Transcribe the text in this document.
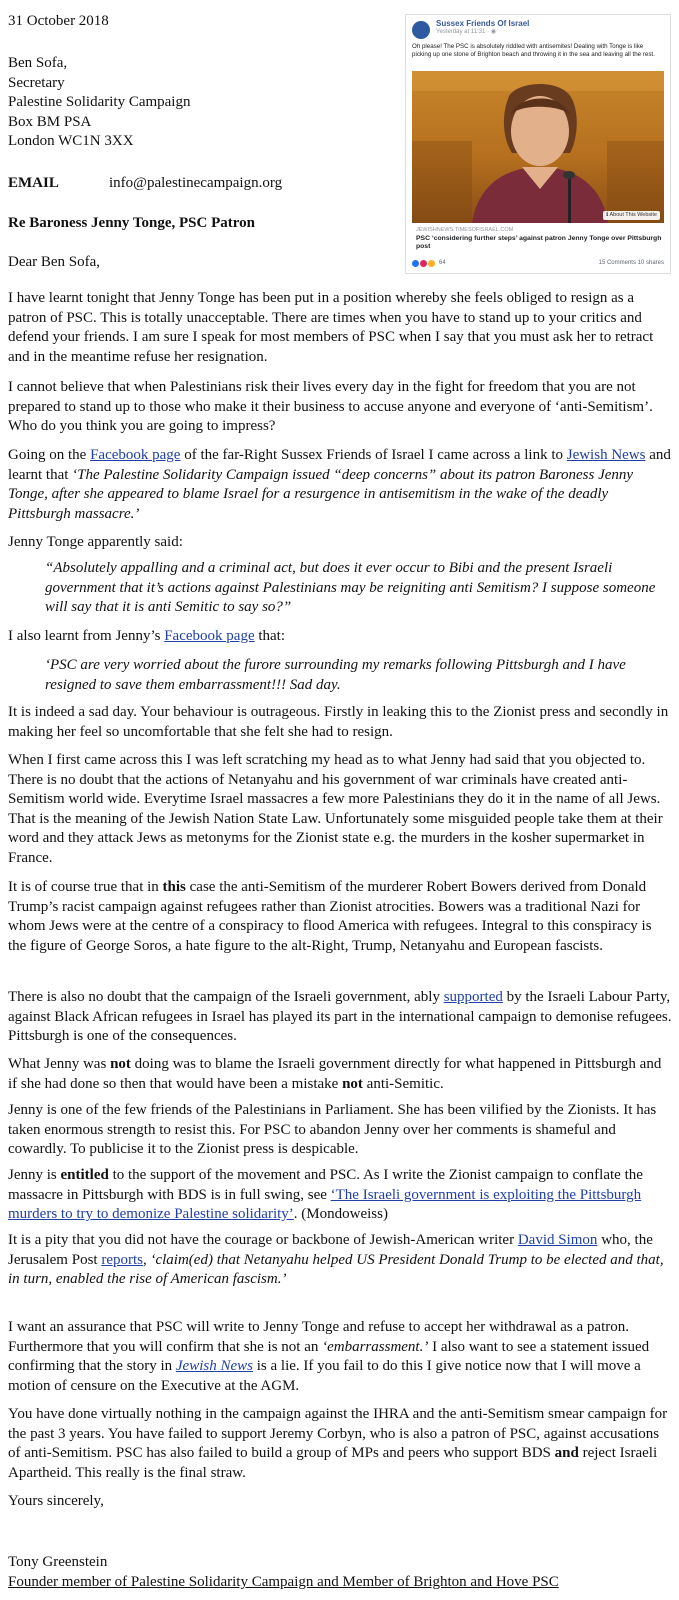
31 October 2018
Ben Sofa,
Secretary
Palestine Solidarity Campaign
Box BM PSA
London WC1N 3XX
EMAIL	info@palestinecampaign.org
Re Baroness Jenny Tonge, PSC Patron
Dear Ben Sofa,
Sussex Friends Of Israel
Yesterday at 11:31 · ◉
Oh please! The PSC is absolutely riddled with antisemites! Dealing with Tonge is like picking up one stone of Brighton beach and throwing it in the sea and leaving all the rest.
ℹ About This Website
JEWISHNEWS.TIMESOFISRAEL.COM
PSC ‘considering further steps’ against patron Jenny Tonge over Pittsburgh post
64	15 Comments 10 shares

I have learnt tonight that Jenny Tonge has been put in a position whereby she feels obliged to resign as a patron of PSC. This is totally unacceptable. There are times when you have to stand up to your critics and defend your friends. I am sure I speak for most members of PSC when I say that you must ask her to retract and in the meantime refuse her resignation.

I cannot believe that when Palestinians risk their lives every day in the fight for freedom that you are not prepared to stand up to those who make it their business to accuse anyone and everyone of ‘anti-Semitism’. Who do you think you are going to impress?

Going on the Facebook page of the far-Right Sussex Friends of Israel I came across a link to Jewish News and learnt that ‘The Palestine Solidarity Campaign issued “deep concerns” about its patron Baroness Jenny Tonge, after she appeared to blame Israel for a resurgence in antisemitism in the wake of the deadly Pittsburgh massacre.’

Jenny Tonge apparently said:

“Absolutely appalling and a criminal act, but does it ever occur to Bibi and the present Israeli government that it’s actions against Palestinians may be reigniting anti Semitism? I suppose someone will say that it is anti Semitic to say so?”

I also learnt from Jenny’s Facebook page that:

‘PSC are very worried about the furore surrounding my remarks following Pittsburgh and I have resigned to save them embarrassment!!! Sad day.

It is indeed a sad day. Your behaviour is outrageous. Firstly in leaking this to the Zionist press and secondly in making her feel so uncomfortable that she felt she had to resign.

When I first came across this I was left scratching my head as to what Jenny had said that you objected to. There is no doubt that the actions of Netanyahu and his government of war criminals have created anti-Semitism world wide. Everytime Israel massacres a few more Palestinians they do it in the name of all Jews. That is the meaning of the Jewish Nation State Law. Unfortunately some misguided people take them at their word and they attack Jews as metonyms for the Zionist state e.g. the murders in the kosher supermarket in France.

It is of course true that in this case the anti-Semitism of the murderer Robert Bowers derived from Donald Trump’s racist campaign against refugees rather than Zionist atrocities. Bowers was a traditional Nazi for whom Jews were at the centre of a conspiracy to flood America with refugees. Integral to this conspiracy is the figure of George Soros, a hate figure to the alt-Right, Trump, Netanyahu and European fascists.

There is also no doubt that the campaign of the Israeli government, ably supported by the Israeli Labour Party, against Black African refugees in Israel has played its part in the international campaign to demonise refugees. Pittsburgh is one of the consequences.

What Jenny was not doing was to blame the Israeli government directly for what happened in Pittsburgh and if she had done so then that would have been a mistake not anti-Semitic.

Jenny is one of the few friends of the Palestinians in Parliament. She has been vilified by the Zionists. It has taken enormous strength to resist this. For PSC to abandon Jenny over her comments is shameful and cowardly. To publicise it to the Zionist press is despicable.

Jenny is entitled to the support of the movement and PSC. As I write the Zionist campaign to conflate the massacre in Pittsburgh with BDS is in full swing, see ‘The Israeli government is exploiting the Pittsburgh murders to try to demonize Palestine solidarity’. (Mondoweiss)

It is a pity that you did not have the courage or backbone of Jewish-American writer David Simon who, the Jerusalem Post reports, ‘claim(ed) that Netanyahu helped US President Donald Trump to be elected and that, in turn, enabled the rise of American fascism.’

I want an assurance that PSC will write to Jenny Tonge and refuse to accept her withdrawal as a patron. Furthermore that you will confirm that she is not an ‘embarrassment.’ I also want to see a statement issued confirming that the story in Jewish News is a lie. If you fail to do this I give notice now that I will move a motion of censure on the Executive at the AGM.

You have done virtually nothing in the campaign against the IHRA and the anti-Semitism smear campaign for the past 3 years. You have failed to support Jeremy Corbyn, who is also a patron of PSC, against accusations of anti-Semitism. PSC has also failed to build a group of MPs and peers who support BDS and reject Israeli Apartheid. This really is the final straw.

Yours sincerely,

Tony Greenstein
Founder member of Palestine Solidarity Campaign and Member of Brighton and Hove PSC
